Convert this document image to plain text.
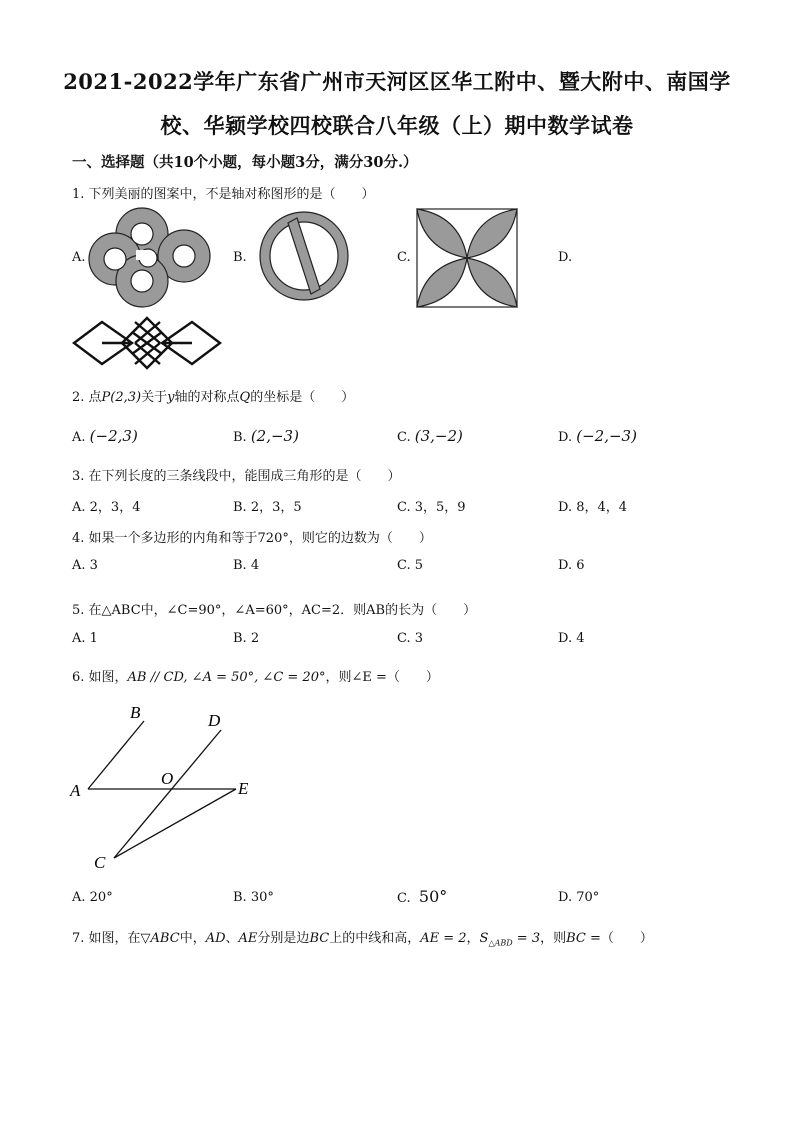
2021-2022学年广东省广州市天河区区华工附中、暨大附中、南国学
校、华颖学校四校联合八年级（上）期中数学试卷
一、选择题（共10个小题，每小题3分，满分30分.）
1. 下列美丽的图案中，不是轴对称图形的是（　　）
A.	B.	C.	D.
2. 点P(2,3)关于y轴的对称点Q的坐标是（　　）
A. (−2,3)	B. (2,−3)	C. (3,−2)	D. (−2,−3)
3. 在下列长度的三条线段中，能围成三角形的是（　　）
A. 2，3，4	B. 2，3，5	C. 3，5，9	D. 8，4，4
4. 如果一个多边形的内角和等于720°，则它的边数为（　　）
A. 3	B. 4	C. 5	D. 6
5. 在△ABC中，∠C=90°，∠A=60°，AC=2．则AB的长为（　　）
A. 1	B. 2	C. 3	D. 4
6. 如图，AB // CD, ∠A = 50°, ∠C = 20°，则∠E =（　　）
B	D
A
O
E
C
A. 20°	B. 30°	C. 50°	D. 70°
7. 如图，在▽ABC中，AD、AE分别是边BC上的中线和高，AE = 2，$S_{\triangle ABD} = 3$，则BC =（　　）
